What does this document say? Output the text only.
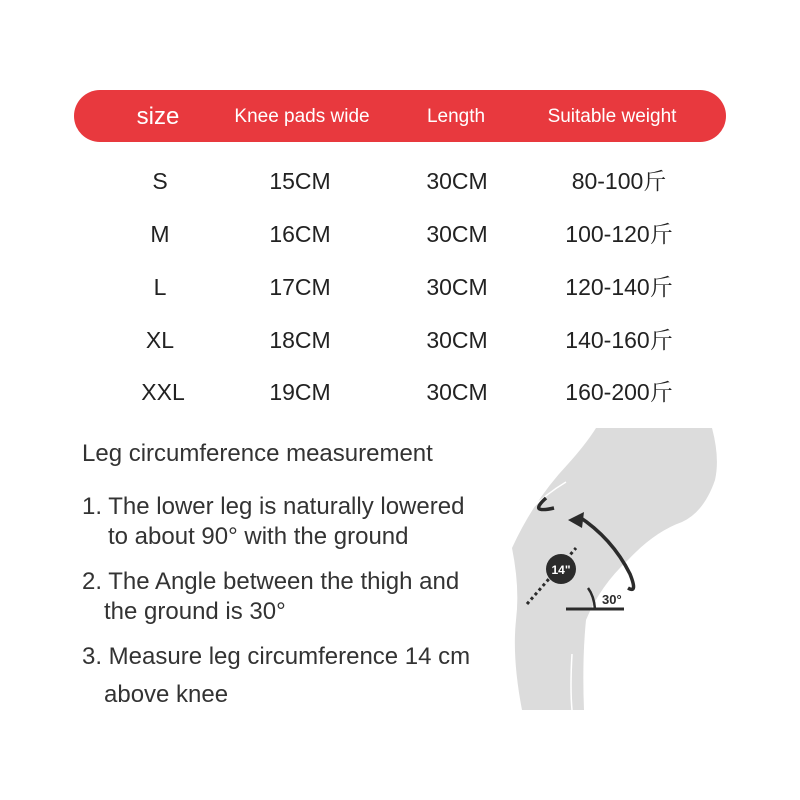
size	Knee pads wide	Length	Suitable weight
S	15CM	30CM	80-100斤
M	16CM	30CM	100-120斤
L	17CM	30CM	120-140斤
XL	18CM	30CM	140-160斤
XXL	19CM	30CM	160-200斤
Leg circumference measurement
1. The lower leg is naturally lowered
to about 90° with the ground
2. The Angle between the thigh and
the ground is 30°
3. Measure leg circumference 14 cm
above knee
14"
30°
